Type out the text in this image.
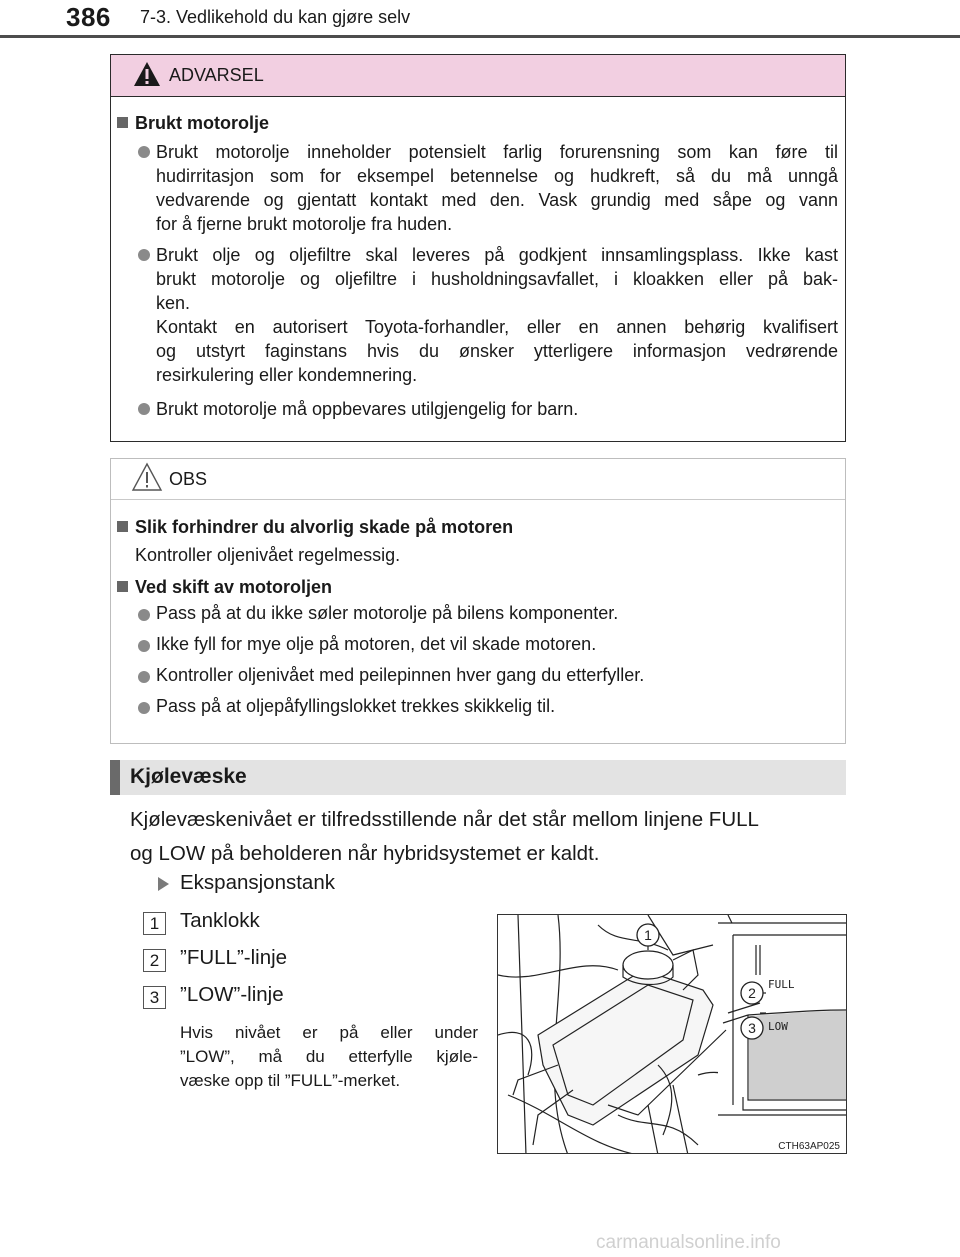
386 7-3. Vedlikehold du kan gjøre selv
ADVARSEL
Brukt motorolje
Brukt motorolje inneholder potensielt farlig forurensning som kan føre til
hudirritasjon som for eksempel betennelse og hudkreft, så du må unngå
vedvarende og gjentatt kontakt med den. Vask grundig med såpe og vann
for å fjerne brukt motorolje fra huden.
Brukt olje og oljefiltre skal leveres på godkjent innsamlingsplass. Ikke kast
brukt motorolje og oljefiltre i husholdningsavfallet, i kloakken eller på bak-
ken.
Kontakt en autorisert Toyota-forhandler, eller en annen behørig kvalifisert
og utstyrt faginstans hvis du ønsker ytterligere informasjon vedrørende
resirkulering eller kondemnering.
Brukt motorolje må oppbevares utilgjengelig for barn.
OBS
Slik forhindrer du alvorlig skade på motoren
Kontroller oljenivået regelmessig.
Ved skift av motoroljen
Pass på at du ikke søler motorolje på bilens komponenter.
Ikke fyll for mye olje på motoren, det vil skade motoren.
Kontroller oljenivået med peilepinnen hver gang du etterfyller.
Pass på at oljepåfyllingslokket trekkes skikkelig til.
Kjølevæske
Kjølevæskenivået er tilfredsstillende når det står mellom linjene FULL
og LOW på beholderen når hybridsystemet er kaldt.
Ekspansjonstank
1	Tanklokk
2	”FULL”-linje
3	”LOW”-linje
Hvis nivået er på eller under
”LOW”, må du etterfylle kjøle-
væske opp til ”FULL”-merket.
FULL
LOW
1
2
3
CTH63AP025
carmanualsonline.info
